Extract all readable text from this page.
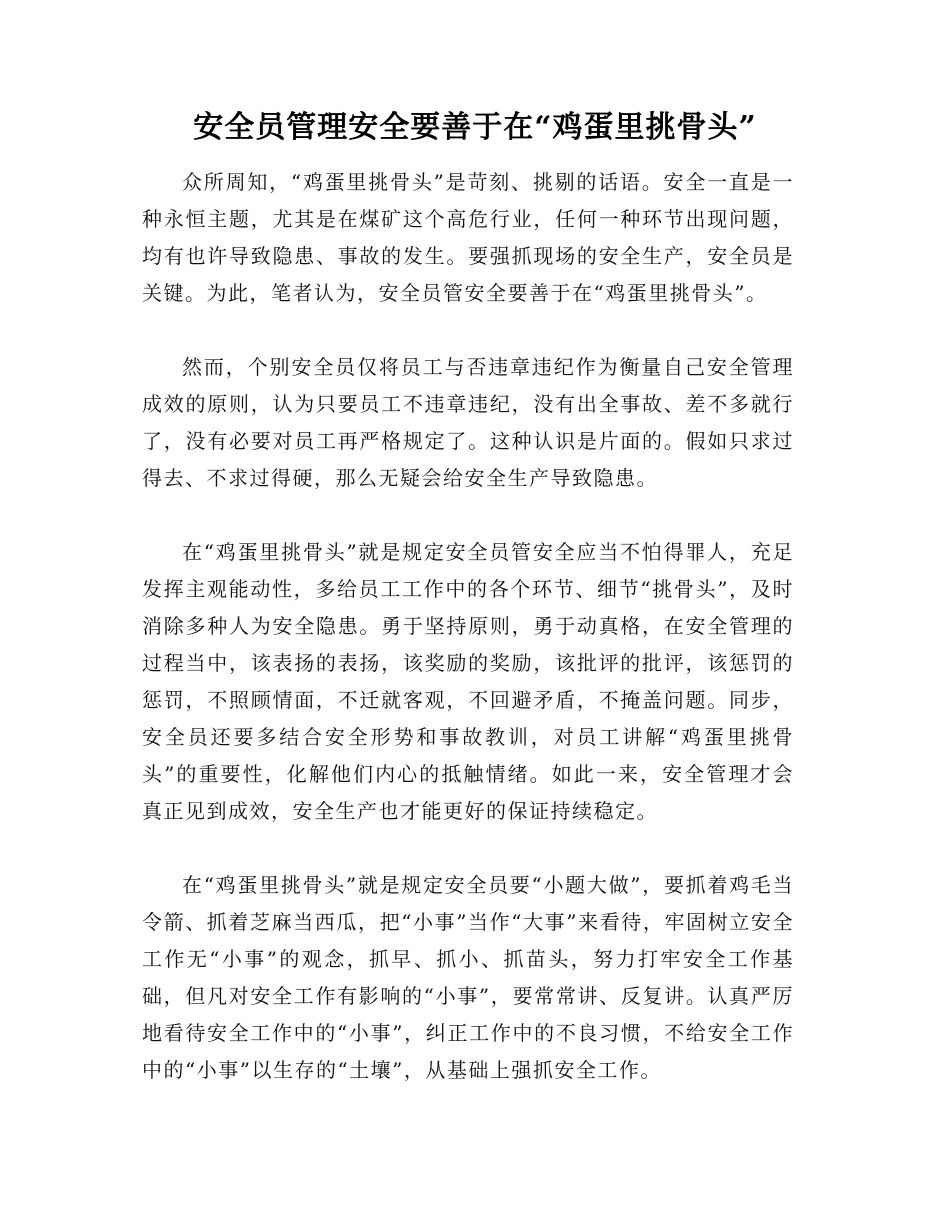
安全员管理安全要善于在“鸡蛋里挑骨头”

众所周知，“鸡蛋里挑骨头”是苛刻、挑剔的话语。安全一直是一种永恒主题，尤其是在煤矿这个高危行业，任何一种环节出现问题，均有也许导致隐患、事故的发生。要强抓现场的安全生产，安全员是关键。为此，笔者认为，安全员管安全要善于在“鸡蛋里挑骨头”。

然而，个别安全员仅将员工与否违章违纪作为衡量自己安全管理成效的原则，认为只要员工不违章违纪，没有出全事故、差不多就行了，没有必要对员工再严格规定了。这种认识是片面的。假如只求过得去、不求过得硬，那么无疑会给安全生产导致隐患。

在“鸡蛋里挑骨头”就是规定安全员管安全应当不怕得罪人，充足发挥主观能动性，多给员工工作中的各个环节、细节“挑骨头”，及时消除多种人为安全隐患。勇于坚持原则，勇于动真格，在安全管理的过程当中，该表扬的表扬，该奖励的奖励，该批评的批评，该惩罚的惩罚，不照顾情面，不迁就客观，不回避矛盾，不掩盖问题。同步，安全员还要多结合安全形势和事故教训，对员工讲解“鸡蛋里挑骨头”的重要性，化解他们内心的抵触情绪。如此一来，安全管理才会真正见到成效，安全生产也才能更好的保证持续稳定。

在“鸡蛋里挑骨头”就是规定安全员要“小题大做”，要抓着鸡毛当令箭、抓着芝麻当西瓜，把“小事”当作“大事”来看待，牢固树立安全工作无“小事”的观念，抓早、抓小、抓苗头，努力打牢安全工作基础，但凡对安全工作有影响的“小事”，要常常讲、反复讲。认真严厉地看待安全工作中的“小事”，纠正工作中的不良习惯，不给安全工作中的“小事”以生存的“土壤”，从基础上强抓安全工作。
